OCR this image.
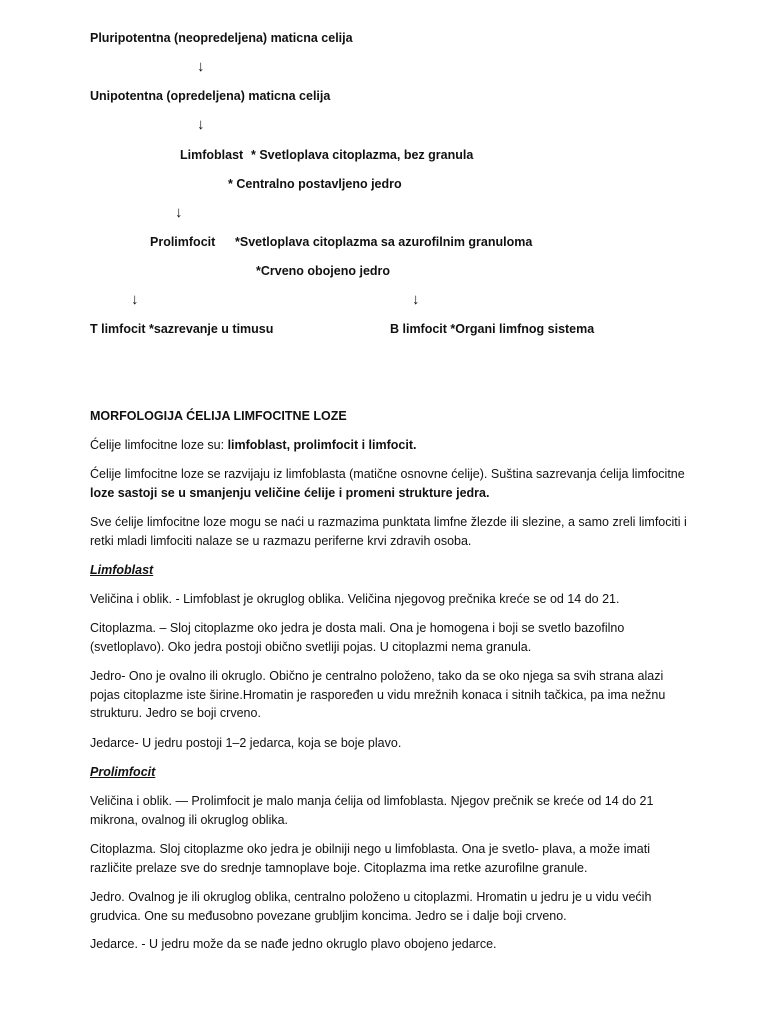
Pluripotentna (neopredeljena) maticna celija
↓
Unipotentna (opredeljena) maticna celija
↓
Limfoblast * Svetloplava citoplazma, bez granula
* Centralno postavljeno jedro
↓
Prolimfocit *Svetloplava citoplazma sa azurofilnim granuloma
*Crveno obojeno jedro
↓	↓
T limfocit *sazrevanje u timusu	B limfocit *Organi limfnog sistema
MORFOLOGIJA ĆELIJA LIMFOCITNE LOZE
Ćelije limfocitne loze su: limfoblast, prolimfocit i limfocit.
Ćelije limfocitne loze se razvijaju iz limfoblasta (matične osnovne ćelije). Suština sazrevanja ćelija limfocitne loze sastoji se u smanjenju veličine ćelije i promeni strukture jedra.
Sve ćelije limfocitne loze mogu se naći u razmazima punktata limfne žlezde ili slezine, a samo zreli limfociti i retki mladi limfociti nalaze se u razmazu periferne krvi zdravih osoba.
Limfoblast
Veličina i oblik. - Limfoblast je okruglog oblika. Veličina njegovog prečnika kreće se od 14 do 21.
Citoplazma. – Sloj citoplazme oko jedra je dosta mali. Ona je homogena i boji se svetlo bazofilno (svetloplavo). Oko jedra postoji obično svetliji pojas. U citoplazmi nema granula.
Jedro- Ono je ovalno ili okruglo. Obično je centralno položeno, tako da se oko njega sa svih strana alazi pojas citoplazme iste širine.Hromatin je raspoređen u vidu mrežnih konaca i sitnih tačkica, pa ima nežnu strukturu. Jedro se boji crveno.
Jedarce- U jedru postoji 1–2 jedarca, koja se boje plavo.
Prolimfocit
Veličina i oblik. — Prolimfocit je malo manja ćelija od limfoblasta. Njegov prečnik se kreće od 14 do 21 mikrona, ovalnog ili okruglog oblika.
Citoplazma. Sloj citoplazme oko jedra je obilniji nego u limfoblasta. Ona je svetlo- plava, a može imati različite prelaze sve do srednje tamnoplave boje. Citoplazma ima retke azurofilne granule.
Jedro. Ovalnog je ili okruglog oblika, centralno položeno u citoplazmi. Hromatin u jedru je u vidu većih grudvica. One su međusobno povezane grubljim koncima. Jedro se i dalje boji crveno.
Jedarce. - U jedru može da se nađe jedno okruglo plavo obojeno jedarce.
